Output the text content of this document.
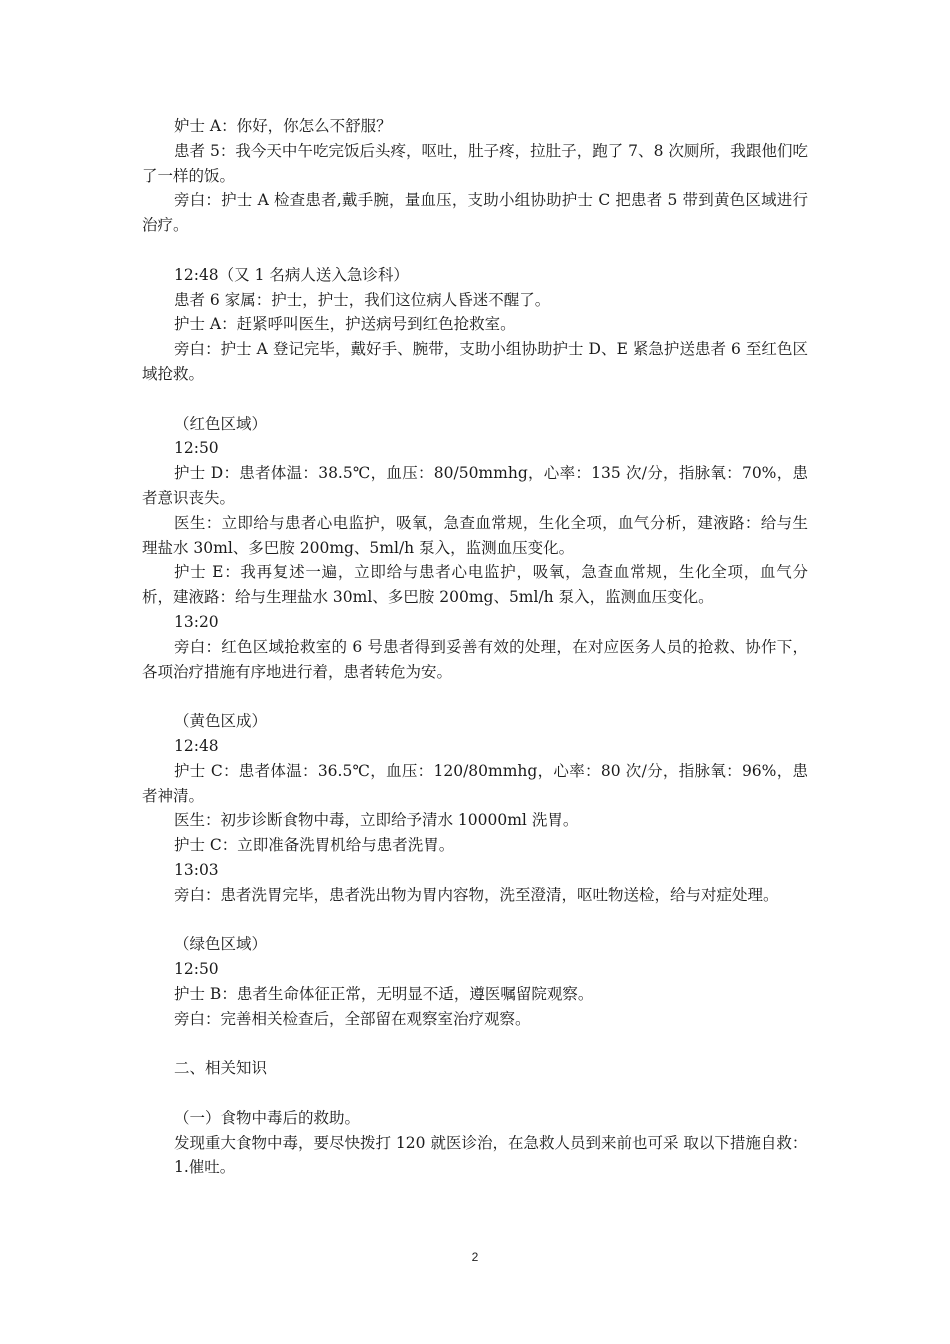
妒士 A：你好，你怎么不舒服？

患者 5：我今天中午吃完饭后头疼，呕吐，肚子疼，拉肚子，跑了 7、8 次厕所，我跟他们吃了一样的饭。

旁白：护士 A 检查患者,戴手腕，量血压，支助小组协助护士 C 把患者 5 带到黄色区域进行治疗。

12:48（又 1 名病人送入急诊科）

患者 6 家属：护士，护士，我们这位病人昏迷不醒了。

护士 A：赶紧呼叫医生，护送病号到红色抢救室。

旁白：护士 A 登记完毕，戴好手、腕带，支助小组协助护士 D、E 紧急护送患者 6 至红色区域抢救。

（红色区域）

12:50

护士 D：患者体温：38.5℃，血压：80/50mmhg，心率：135 次/分，指脉氧：70%，患者意识丧失。

医生：立即给与患者心电监护，吸氧，急查血常规，生化全项，血气分析，建液路：给与生理盐水 30ml、多巴胺 200mg、5ml/h 泵入，监测血压变化。

护士 E：我再复述一遍，立即给与患者心电监护，吸氧，急查血常规，生化全项，血气分析，建液路：给与生理盐水 30ml、多巴胺 200mg、5ml/h 泵入，监测血压变化。

13:20

旁白：红色区域抢救室的 6 号患者得到妥善有效的处理，在对应医务人员的抢救、协作下，各项治疗措施有序地进行着，患者转危为安。

（黄色区成）

12:48

护士 C：患者体温：36.5℃，血压：120/80mmhg，心率：80 次/分，指脉氧：96%，患者神清。

医生：初步诊断食物中毒，立即给予清水 10000ml 洗胃。

护士 C：立即准备洗胃机给与患者洗胃。

13:03

旁白：患者洗胃完毕，患者洗出物为胃内容物，洗至澄清，呕吐物送检，给与对症处理。

（绿色区域）

12:50

护士 B：患者生命体征正常，无明显不适，遵医嘱留院观察。

旁白：完善相关检查后，全部留在观察室治疗观察。

二、相关知识

（一）食物中毒后的救助。

发现重大食物中毒，要尽快拨打 120 就医诊治，在急救人员到来前也可采 取以下措施自救：

1.催吐。

2
